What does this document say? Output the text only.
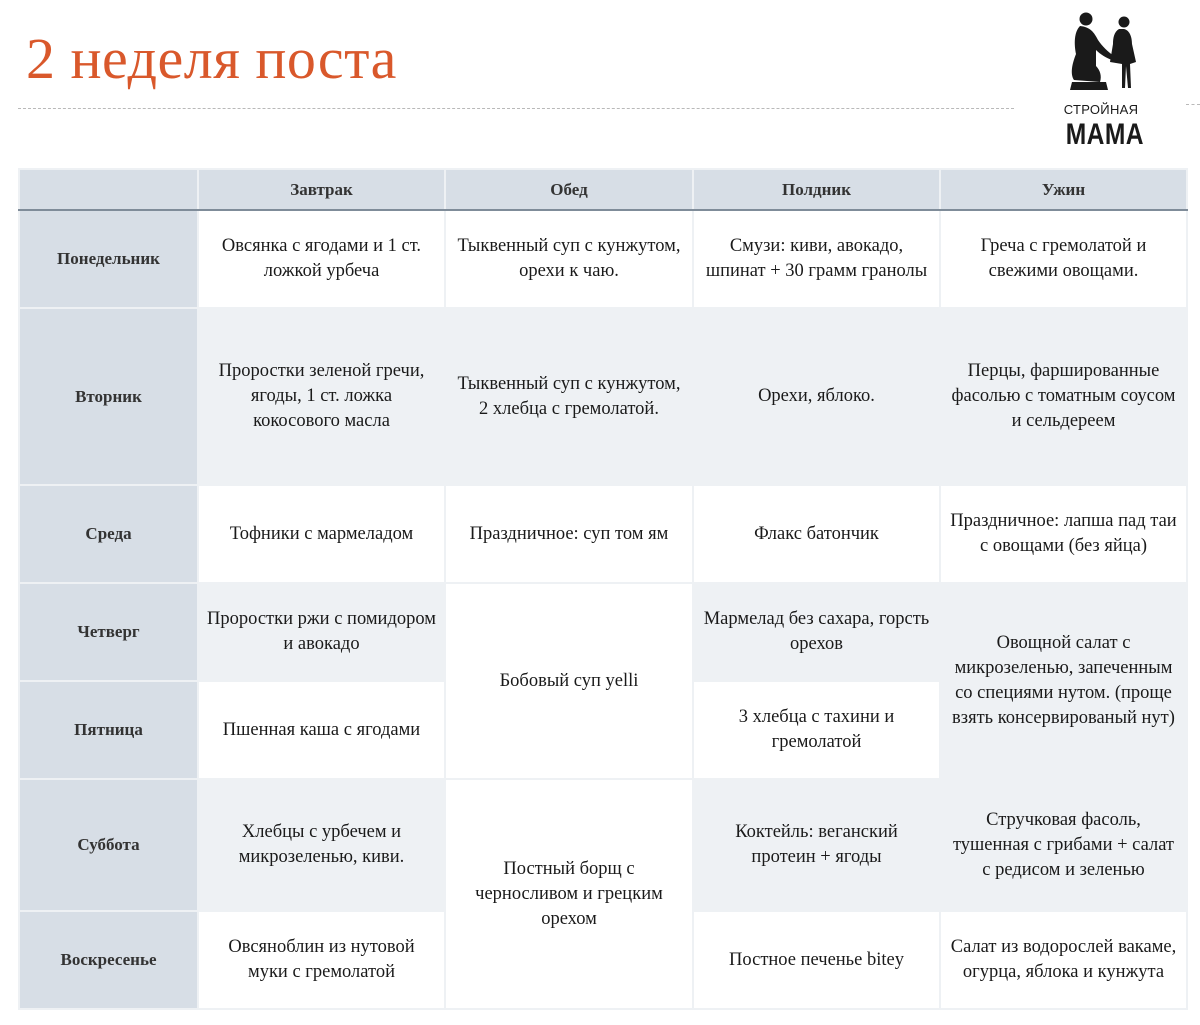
2 неделя поста
СТРОЙНАЯ
МАМА
	Завтрак	Обед	Полдник	Ужин
Понедельник	Овсянка с ягодами и 1 ст. ложкой урбеча	Тыквенный суп с кунжутом, орехи к чаю.	Смузи: киви, авокадо, шпинат + 30 грамм гранолы	Греча с гремолатой и свежими овощами.
Вторник	Проростки зеленой гречи, ягоды, 1 ст. ложка кокосового масла	Тыквенный суп с кунжутом, 2 хлебца с гремолатой.	Орехи, яблоко.	Перцы, фаршированные фасолью с томатным соусом и сельдереем
Среда	Тофники с мармеладом	Праздничное: суп том ям	Флакс батончик	Праздничное: лапша пад таи с овощами (без яйца)
Четверг	Проростки ржи с помидором и авокадо	Бобовый суп yelli	Мармелад без сахара, горсть орехов	Овощной салат с микрозеленью, запеченным со специями нутом. (проще взять консервированый нут)
Пятница	Пшенная каша с ягодами		3 хлебца с тахини и гремолатой	
Суббота	Хлебцы с урбечем и микрозеленью, киви.	Постный борщ с черносливом и грецким орехом	Коктейль: веганский протеин + ягоды	Стручковая фасоль, тушенная с грибами + салат с редисом и зеленью
Воскресенье	Овсяноблин из нутовой муки с гремолатой		Постное печенье bitey	Салат из водорослей вакаме, огурца, яблока и кунжута
